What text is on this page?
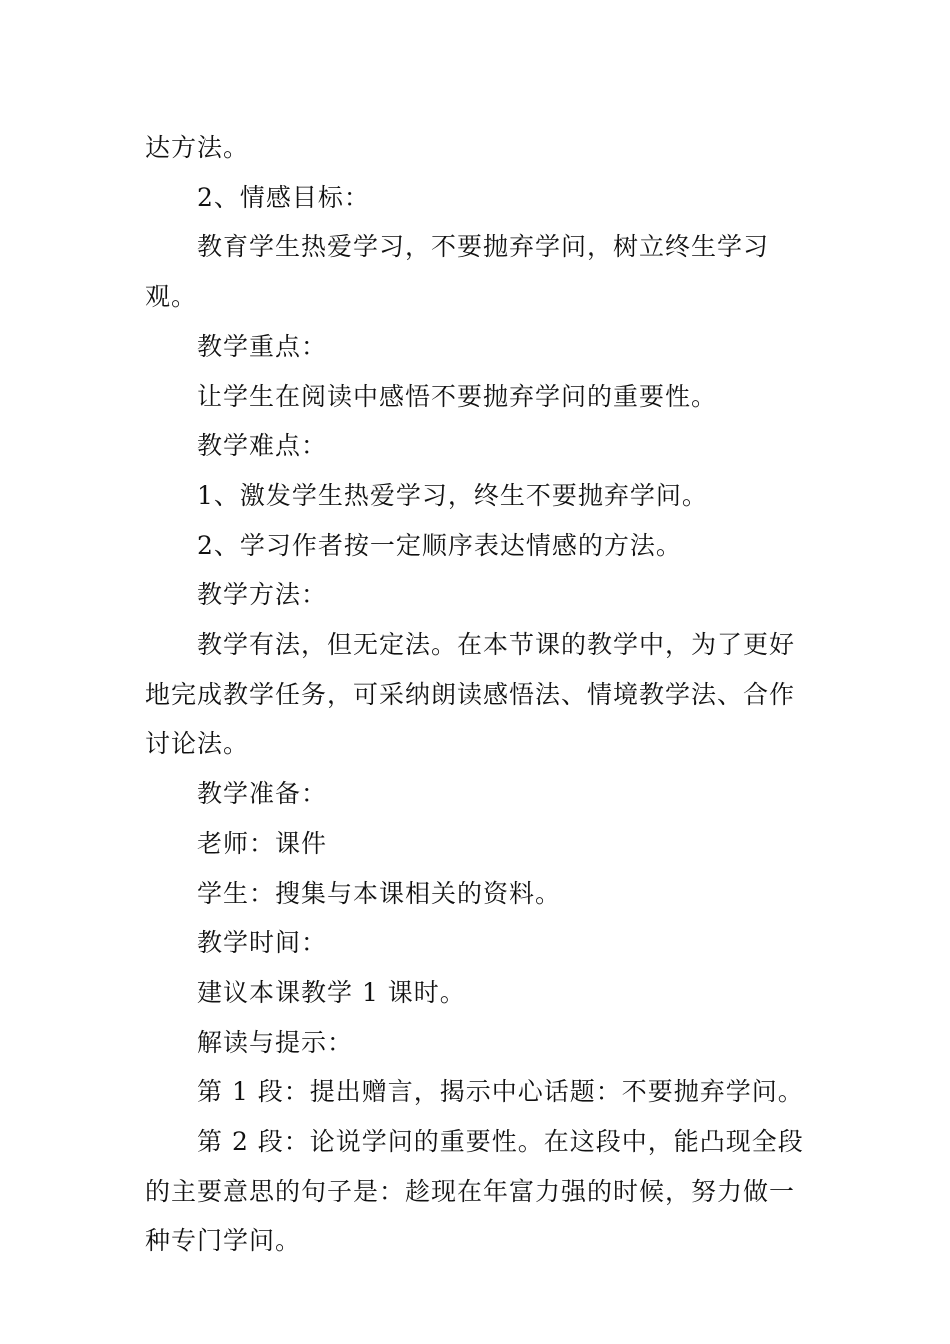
达方法。

2、情感目标：

教育学生热爱学习，不要抛弃学问，树立终生学习观。

教学重点：

让学生在阅读中感悟不要抛弃学问的重要性。

教学难点：

1、激发学生热爱学习，终生不要抛弃学问。

2、学习作者按一定顺序表达情感的方法。

教学方法：

教学有法，但无定法。在本节课的教学中，为了更好地完成教学任务，可采纳朗读感悟法、情境教学法、合作讨论法。

教学准备：

老师：课件

学生：搜集与本课相关的资料。

教学时间：

建议本课教学 1 课时。

解读与提示：

第 1 段：提出赠言，揭示中心话题：不要抛弃学问。

第 2 段：论说学问的重要性。在这段中，能凸现全段的主要意思的句子是：趁现在年富力强的时候，努力做一种专门学问。
